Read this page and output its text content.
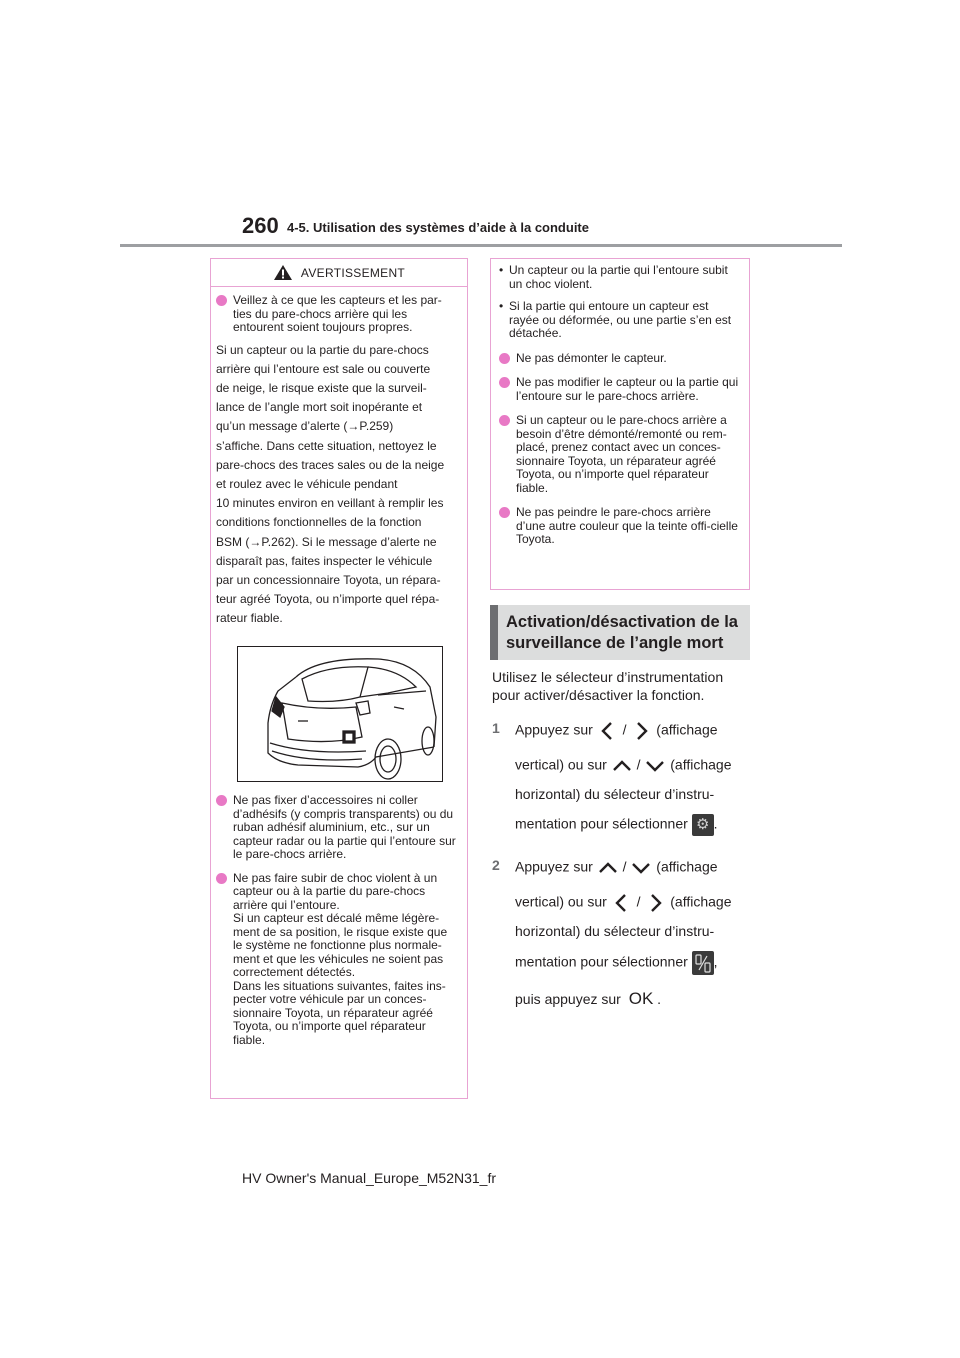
260 4-5. Utilisation des systèmes d’aide à la conduite
AVERTISSEMENT
Veillez à ce que les capteurs et les par-ties du pare-chocs arrière qui les entourent soient toujours propres.
Si un capteur ou la partie du pare-chocs
arrière qui l’entoure est sale ou couverte
de neige, le risque existe que la surveil-
lance de l’angle mort soit inopérante et
qu’un message d’alerte (→P.259)
s’affiche. Dans cette situation, nettoyez le
pare-chocs des traces sales ou de la neige
et roulez avec le véhicule pendant
10 minutes environ en veillant à remplir les
conditions fonctionnelles de la fonction
BSM (→P.262). Si le message d’alerte ne
disparaît pas, faites inspecter le véhicule
par un concessionnaire Toyota, un répara-
teur agréé Toyota, ou n’importe quel répa-
rateur fiable.
Ne pas fixer d’accessoires ni coller d’adhésifs (y compris transparents) ou du ruban adhésif aluminium, etc., sur un capteur radar ou la partie qui l’entoure sur le pare-chocs arrière.
Ne pas faire subir de choc violent à un capteur ou à la partie du pare-chocs arrière qui l’entoure.
Si un capteur est décalé même légère-ment de sa position, le risque existe que le système ne fonctionne plus normale-ment et que les véhicules ne soient pas correctement détectés.
Dans les situations suivantes, faites ins-pecter votre véhicule par un conces-sionnaire Toyota, un réparateur agréé Toyota, ou n’importe quel réparateur fiable.
• Un capteur ou la partie qui l’entoure subit un choc violent.
• Si la partie qui entoure un capteur est rayée ou déformée, ou une partie s’en est détachée.
Ne pas démonter le capteur.
Ne pas modifier le capteur ou la partie qui l’entoure sur le pare-chocs arrière.
Si un capteur ou le pare-chocs arrière a besoin d’être démonté/remonté ou rem-placé, prenez contact avec un conces-sionnaire Toyota, un réparateur agréé Toyota, ou n’importe quel réparateur fiable.
Ne pas peindre le pare-chocs arrière d’une autre couleur que la teinte offi-cielle Toyota.
Activation/désactivation de la
surveillance de l’angle mort
Utilisez le sélecteur d’instrumentation
pour activer/désactiver la fonction.
1 Appuyez sur / (affichage
vertical) ou sur / (affichage
horizontal) du sélecteur d’instru-
mentation pour sélectionner ⚙ .
2 Appuyez sur / (affichage
vertical) ou sur / (affichage
horizontal) du sélecteur d’instru-
mentation pour sélectionner ,
puis appuyez sur OK .
HV Owner's Manual_Europe_M52N31_fr
